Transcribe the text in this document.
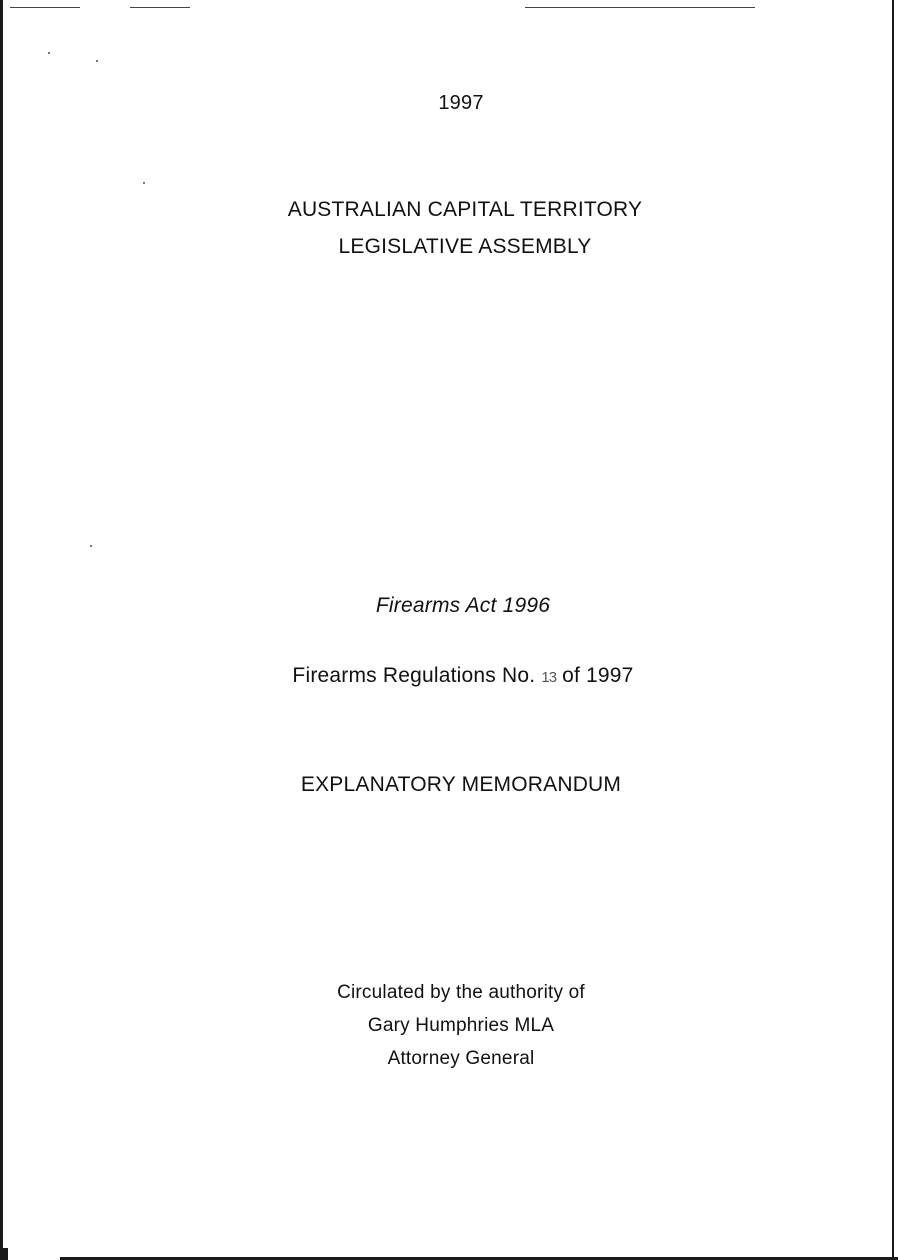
1997
AUSTRALIAN CAPITAL TERRITORY
LEGISLATIVE ASSEMBLY
Firearms Act 1996
Firearms Regulations No. 13 of 1997
EXPLANATORY MEMORANDUM
Circulated by the authority of
Gary Humphries MLA
Attorney General
